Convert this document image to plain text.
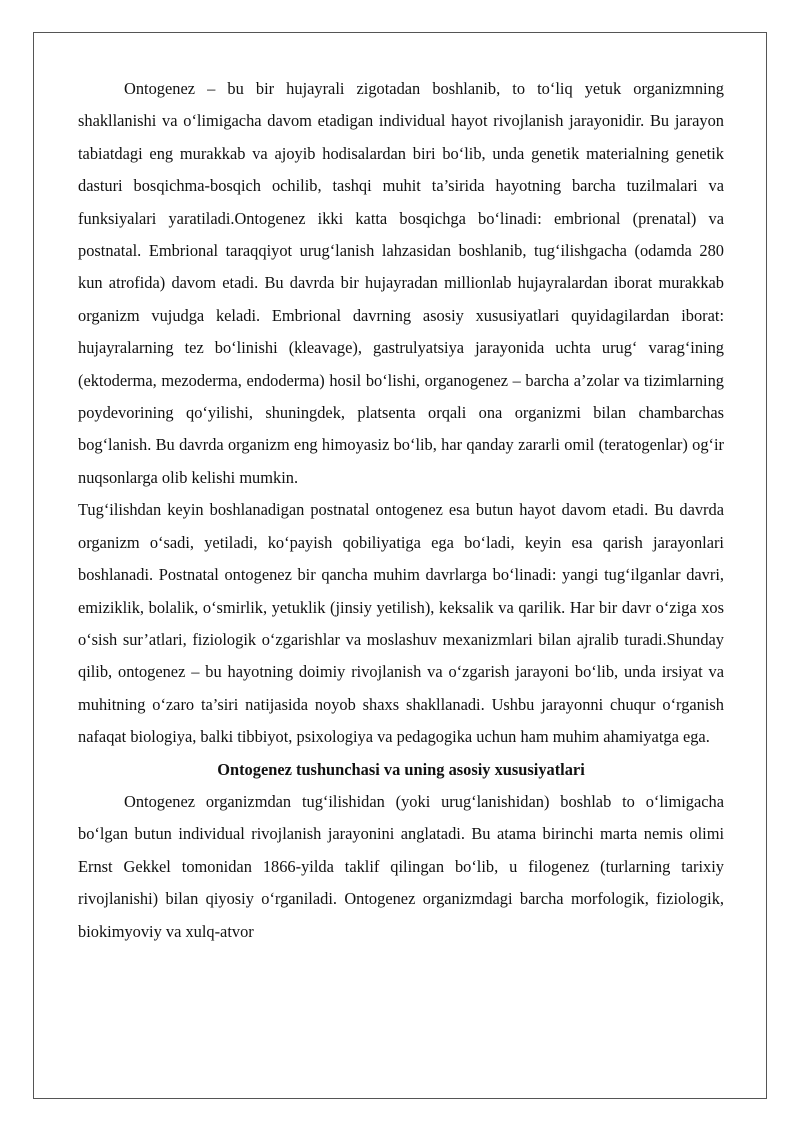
Ontogenez – bu bir hujayrali zigotadan boshlanib, to to‘liq yetuk organizmning shakllanishi va o‘limigacha davom etadigan individual hayot rivojlanish jarayonidir. Bu jarayon tabiatdagi eng murakkab va ajoyib hodisalardan biri bo‘lib, unda genetik materialning genetik dasturi bosqichma-bosqich ochilib, tashqi muhit ta’sirida hayotning barcha tuzilmalari va funksiyalari yaratiladi.Ontogenez ikki katta bosqichga bo‘linadi: embrional (prenatal) va postnatal. Embrional taraqqiyot urug‘lanish lahzasidan boshlanib, tug‘ilishgacha (odamda 280 kun atrofida) davom etadi. Bu davrda bir hujayradan millionlab hujayralardan iborat murakkab organizm vujudga keladi. Embrional davrning asosiy xususiyatlari quyidagilardan iborat: hujayralarning tez bo‘linishi (kleavage), gastrulyatsiya jarayonida uchta urug‘ varag‘ining (ektoderma, mezoderma, endoderma) hosil bo‘lishi, organogenez – barcha a’zolar va tizimlarning poydevorining qo‘yilishi, shuningdek, platsenta orqali ona organizmi bilan chambarchas bog‘lanish. Bu davrda organizm eng himoyasiz bo‘lib, har qanday zararli omil (teratogenlar) og‘ir nuqsonlarga olib kelishi mumkin.

Tug‘ilishdan keyin boshlanadigan postnatal ontogenez esa butun hayot davom etadi. Bu davrda organizm o‘sadi, yetiladi, ko‘payish qobiliyatiga ega bo‘ladi, keyin esa qarish jarayonlari boshlanadi. Postnatal ontogenez bir qancha muhim davrlarga bo‘linadi: yangi tug‘ilganlar davri, emiziklik, bolalik, o‘smirlik, yetuklik (jinsiy yetilish), keksalik va qarilik. Har bir davr o‘ziga xos o‘sish sur’atlari, fiziologik o‘zgarishlar va moslashuv mexanizmlari bilan ajralib turadi.Shunday qilib, ontogenez – bu hayotning doimiy rivojlanish va o‘zgarish jarayoni bo‘lib, unda irsiyat va muhitning o‘zaro ta’siri natijasida noyob shaxs shakllanadi. Ushbu jarayonni chuqur o‘rganish nafaqat biologiya, balki tibbiyot, psixologiya va pedagogika uchun ham muhim ahamiyatga ega.

Ontogenez tushunchasi va uning asosiy xususiyatlari

Ontogenez organizmdan tug‘ilishidan (yoki urug‘lanishidan) boshlab to o‘limigacha bo‘lgan butun individual rivojlanish jarayonini anglatadi. Bu atama birinchi marta nemis olimi Ernst Gekkel tomonidan 1866-yilda taklif qilingan bo‘lib, u filogenez (turlarning tarixiy rivojlanishi) bilan qiyosiy o‘rganiladi. Ontogenez organizmdagi barcha morfologik, fiziologik, biokimyoviy va xulq-atvor
